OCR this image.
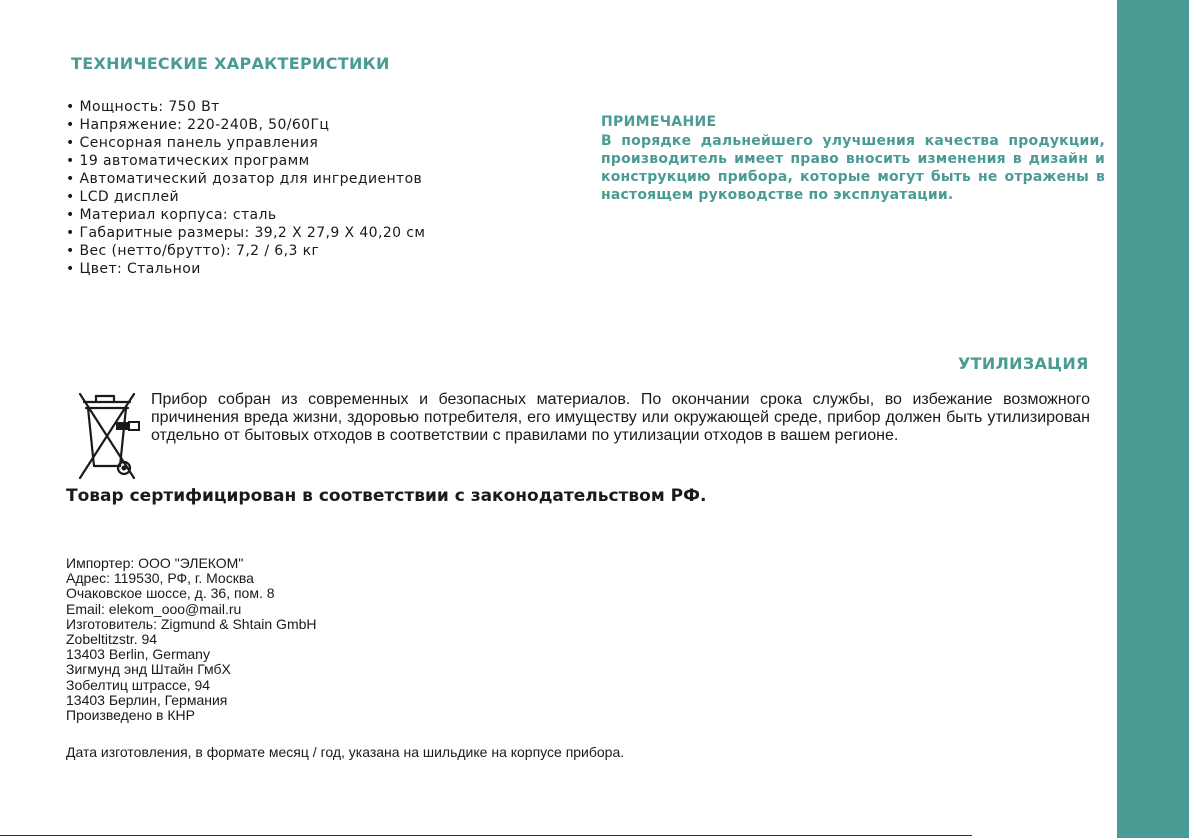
ТЕХНИЧЕСКИЕ ХАРАКТЕРИСТИКИ
• Мощность: 750 Вт
• Напряжение: 220-240В, 50/60Гц
• Сенсорная панель управления
• 19 автоматических программ
• Автоматический дозатор для ингредиентов
• LCD дисплей
• Материал корпуса: сталь
• Габаритные размеры: 39,2 Х 27,9 Х 40,20 см
• Вес (нетто/брутто): 7,2 / 6,3 кг
• Цвет: Стальнои
ПРИМЕЧАНИЕ
В порядке дальнейшего улучшения качества продукции, производитель имеет право вносить изменения в дизайн и конструкцию прибора, которые могут быть не отражены в настоящем руководстве по эксплуатации.
УТИЛИЗАЦИЯ
Прибор собран из современных и безопасных материалов. По окончании срока службы, во избежание возможного причинения вреда жизни, здоровью потребителя, его имуществу или окружающей среде, прибор должен быть утилизирован отдельно от бытовых отходов в соответствии с правилами по утилизации отходов в вашем регионе.
Товар сертифицирован в соответствии с законодательством РФ.
Импортер: ООО "ЭЛЕКОМ"
Адрес: 119530, РФ, г. Москва
Очаковское шоссе, д. 36, пом. 8
Email: elekom_ooo@mail.ru
Изготовитель: Zigmund & Shtain GmbH
Zobeltitzstr. 94
13403 Berlin, Germany
Зигмунд энд Штайн ГмбХ
Зобелтиц штрассе, 94
13403 Берлин, Германия
Произведено в КНР
Дата изготовления, в формате месяц / год, указана на шильдике на корпусе прибора.
